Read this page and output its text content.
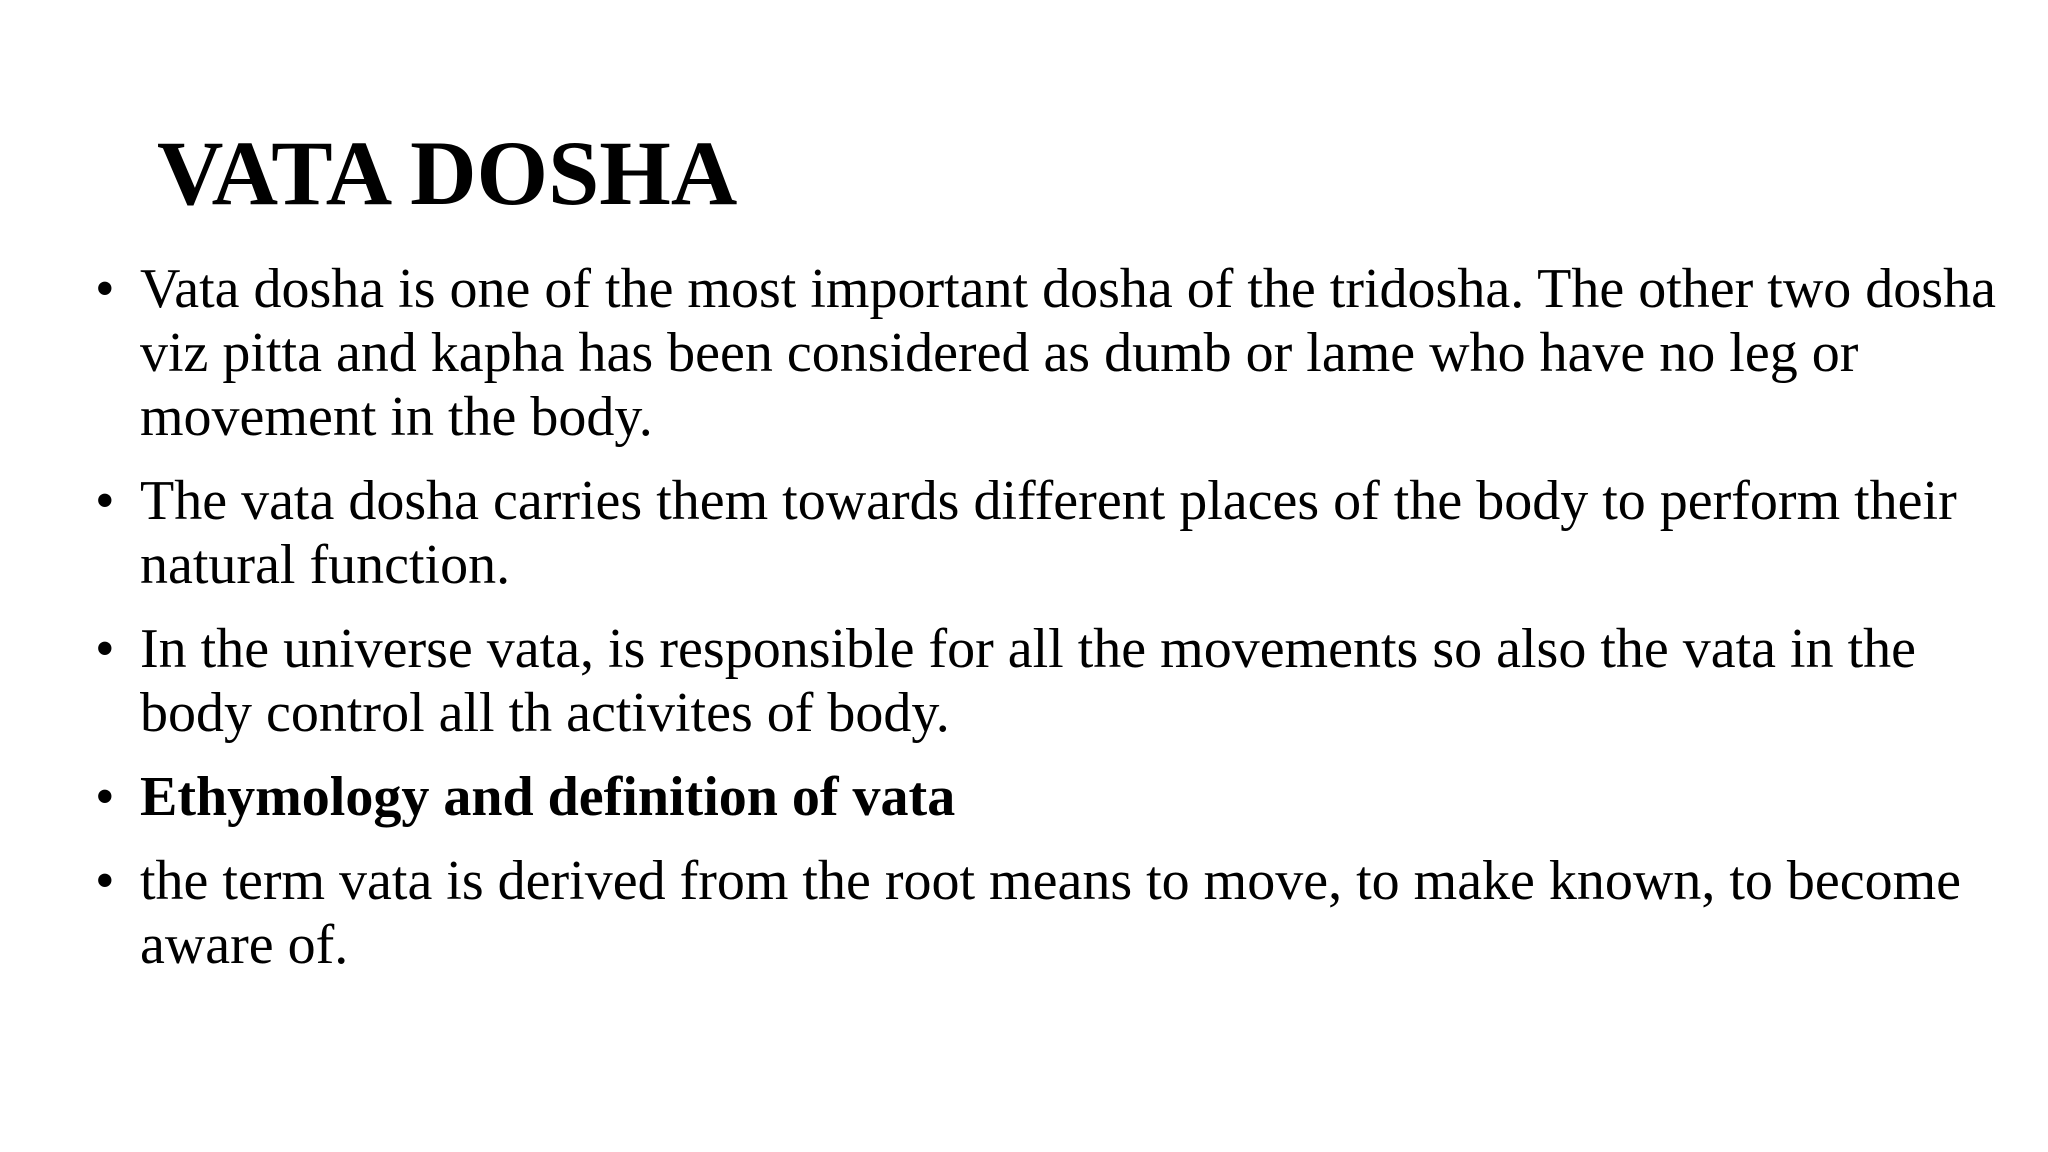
VATA DOSHA
• Vata dosha is one of the most important dosha of the tridosha. The other two dosha viz pitta and kapha has been considered as dumb or lame who have no leg or movement in the body.
• The vata dosha carries them towards different places of the body to perform their natural function.
• In the universe vata, is responsible for all the movements so also the vata in the body control all th activites of body.
• Ethymology and definition of vata
• the term vata is derived from the root means to move, to make known, to become aware of.
